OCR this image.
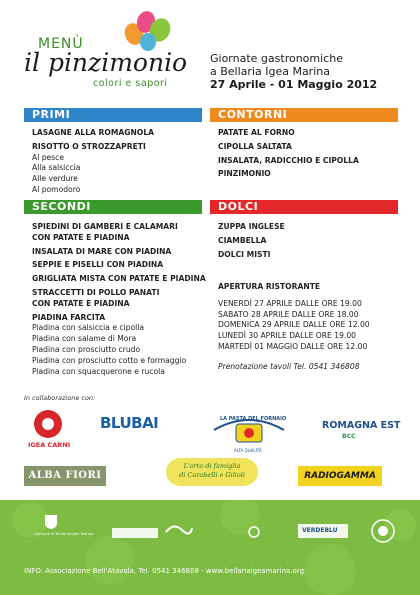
MENÙ
il pinzimonio
colori e sapori
Giornate gastronomiche
a Bellaria Igea Marina
27 Aprile - 01 Maggio 2012
PRIMI
LASAGNE ALLA ROMAGNOLA
RISOTTO O STROZZAPRETI
Al pesce
Alla salsiccia
Alle verdure
Al pomodoro
CONTORNI
PATATE AL FORNO
CIPOLLA SALTATA
INSALATA, RADICCHIO E CIPOLLA
PINZIMONIO
SECONDI
SPIEDINI DI GAMBERI E CALAMARI
CON PATATE E PIADINA
INSALATA DI MARE CON PIADINA
SEPPIE E PISELLI CON PIADINA
GRIGLIATA MISTA CON PATATE E PIADINA
STRACCETTI DI POLLO PANATI
CON PATATE E PIADINA
PIADINA FARCITA
Piadina con salsiccia e cipolla
Piadina con salame di Mora
Piadina con prosciutto crudo
Piadina con prosciutto cotto e formaggio
Piadina con squacquerone e rucola
DOLCI
ZUPPA INGLESE
CIAMBELLA
DOLCI MISTI
APERTURA RISTORANTE
VENERDÌ 27 APRILE DALLE ORE 19.00
SABATO 28 APRILE DALLE ORE 18.00
DOMENICA 29 APRILE DALLE ORE 12.00
LUNEDÌ 30 APRILE DALLE ORE 19.00
MARTEDÌ 01 MAGGIO DALLE ORE 12.00
Prenotazione tavoli Tel. 0541 346808
In collaborazione con:
IGEA CARNI
BLUBAI	LA PASTA DEL FORNAIO
ALTA QUALITÀ
ROMAGNA EST
BCC
ALBA FIORI
L'orto di famiglia
di Carabelli e Gilioli	RADIOGAMMA
Comune di Bellaria Igea Marina	VERDEBLU
INFO: Associazione Bell'Atavola, Tel. 0541 346808 - www.bellariaigeamarina.org
